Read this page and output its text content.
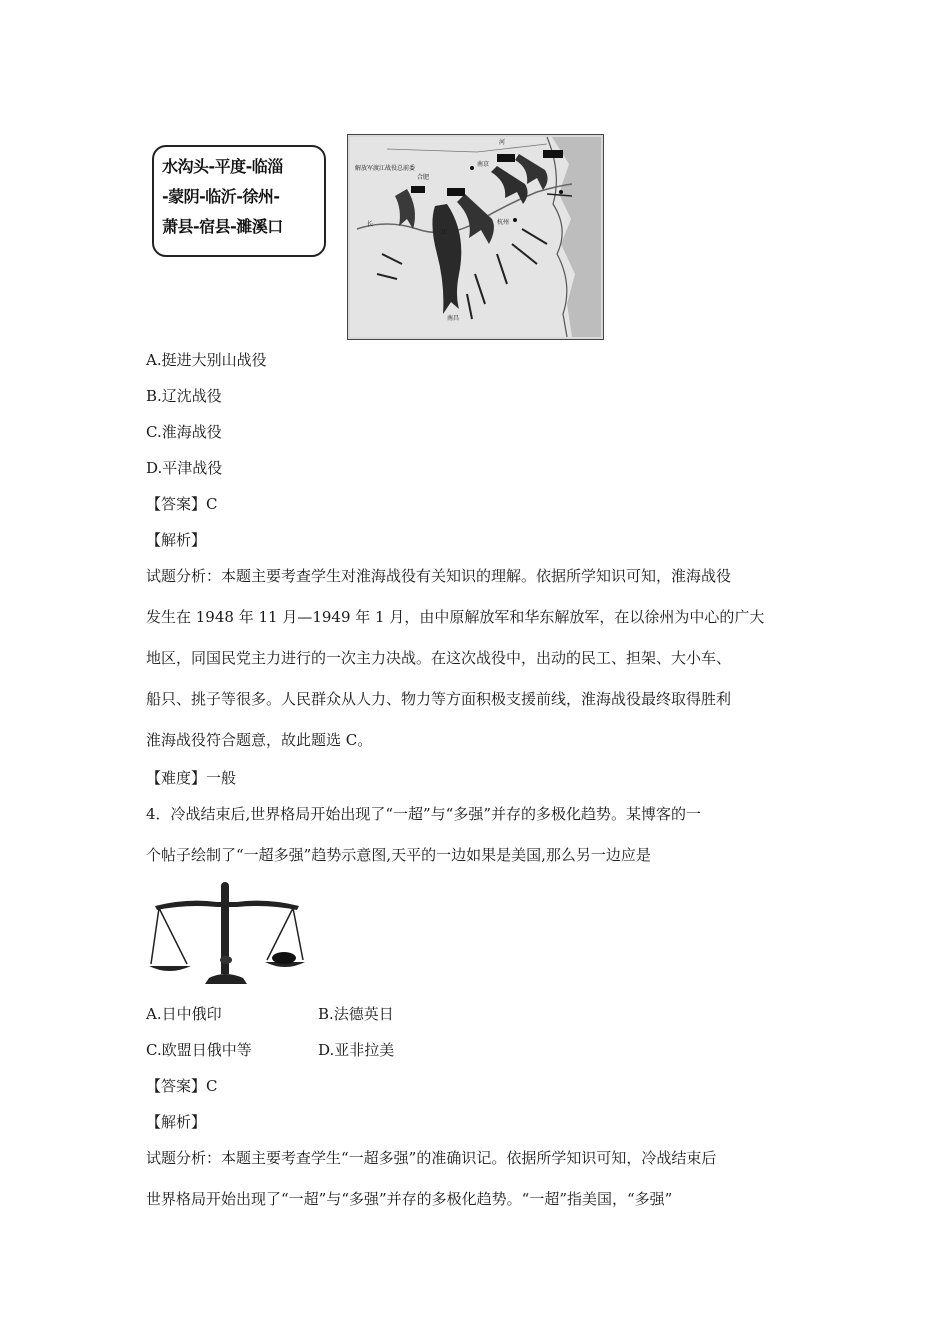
水沟头-平度-临淄
-蒙阴-临沂-徐州-
萧县-宿县-濉溪口
解放军渡江战役总前委
合肥
南京
杭州
南昌
江
河
长
A.挺进大别山战役
B.辽沈战役
C.淮海战役
D.平津战役
【答案】C
【解析】
试题分析：本题主要考查学生对淮海战役有关知识的理解。依据所学知识可知，淮海战役
发生在 1948 年 11 月—1949 年 1 月，由中原解放军和华东解放军，在以徐州为中心的广大
地区，同国民党主力进行的一次主力决战。在这次战役中，出动的民工、担架、大小车、
船只、挑子等很多。人民群众从人力、物力等方面积极支援前线，淮海战役最终取得胜利
淮海战役符合题意，故此题选 C。
【难度】一般
4．冷战结束后,世界格局开始出现了“一超”与“多强”并存的多极化趋势。某博客的一
个帖子绘制了“一超多强”趋势示意图,天平的一边如果是美国,那么另一边应是
A.日中俄印	B.法德英日
C.欧盟日俄中等	D.亚非拉美
【答案】C
【解析】
试题分析：本题主要考查学生“一超多强”的准确识记。依据所学知识可知，冷战结束后
世界格局开始出现了“一超”与“多强”并存的多极化趋势。“一超”指美国，“多强”
